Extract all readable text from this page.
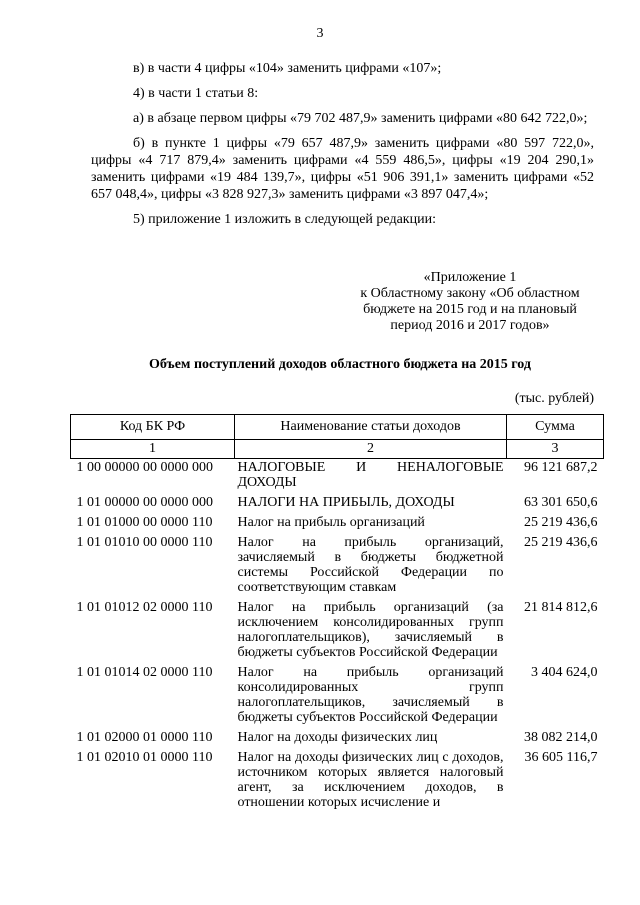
3

в) в части 4 цифры «104» заменить цифрами «107»;

4) в части 1 статьи 8:

а) в абзаце первом цифры «79 702 487,9» заменить цифрами «80 642 722,0»;

б) в пункте 1 цифры «79 657 487,9» заменить цифрами «80 597 722,0», цифры «4 717 879,4» заменить цифрами «4 559 486,5», цифры «19 204 290,1» заменить цифрами «19 484 139,7», цифры «51 906 391,1» заменить цифрами «52 657 048,4», цифры «3 828 927,3» заменить цифрами «3 897 047,4»;

5) приложение 1 изложить в следующей редакции:

«Приложение 1
к Областному закону «Об областном
бюджете на 2015 год и на плановый
период 2016 и 2017 годов»
Объем поступлений доходов областного бюджета на 2015 год
(тыс. рублей)
Код БК РФ	Наименование статьи доходов	Сумма
1	2	3
1 00 00000 00 0000 000	НАЛОГОВЫЕ И НЕНАЛОГОВЫЕ ДОХОДЫ	96 121 687,2
1 01 00000 00 0000 000	НАЛОГИ НА ПРИБЫЛЬ, ДОХОДЫ	63 301 650,6
1 01 01000 00 0000 110	Налог на прибыль организаций	25 219 436,6
1 01 01010 00 0000 110	Налог на прибыль организаций, зачисляемый в бюджеты бюджетной системы Российской Федерации по соответствующим ставкам	25 219 436,6
1 01 01012 02 0000 110	Налог на прибыль организаций (за исключением консолидированных групп налогоплательщиков), зачисляемый в бюджеты субъектов Российской Федерации	21 814 812,6
1 01 01014 02 0000 110	Налог на прибыль организаций консолидированных групп налогоплательщиков, зачисляемый в бюджеты субъектов Российской Федерации	3 404 624,0
1 01 02000 01 0000 110	Налог на доходы физических лиц	38 082 214,0
1 01 02010 01 0000 110	Налог на доходы физических лиц с доходов, источником которых является налоговый агент, за исключением доходов, в отношении которых исчисление и	36 605 116,7
